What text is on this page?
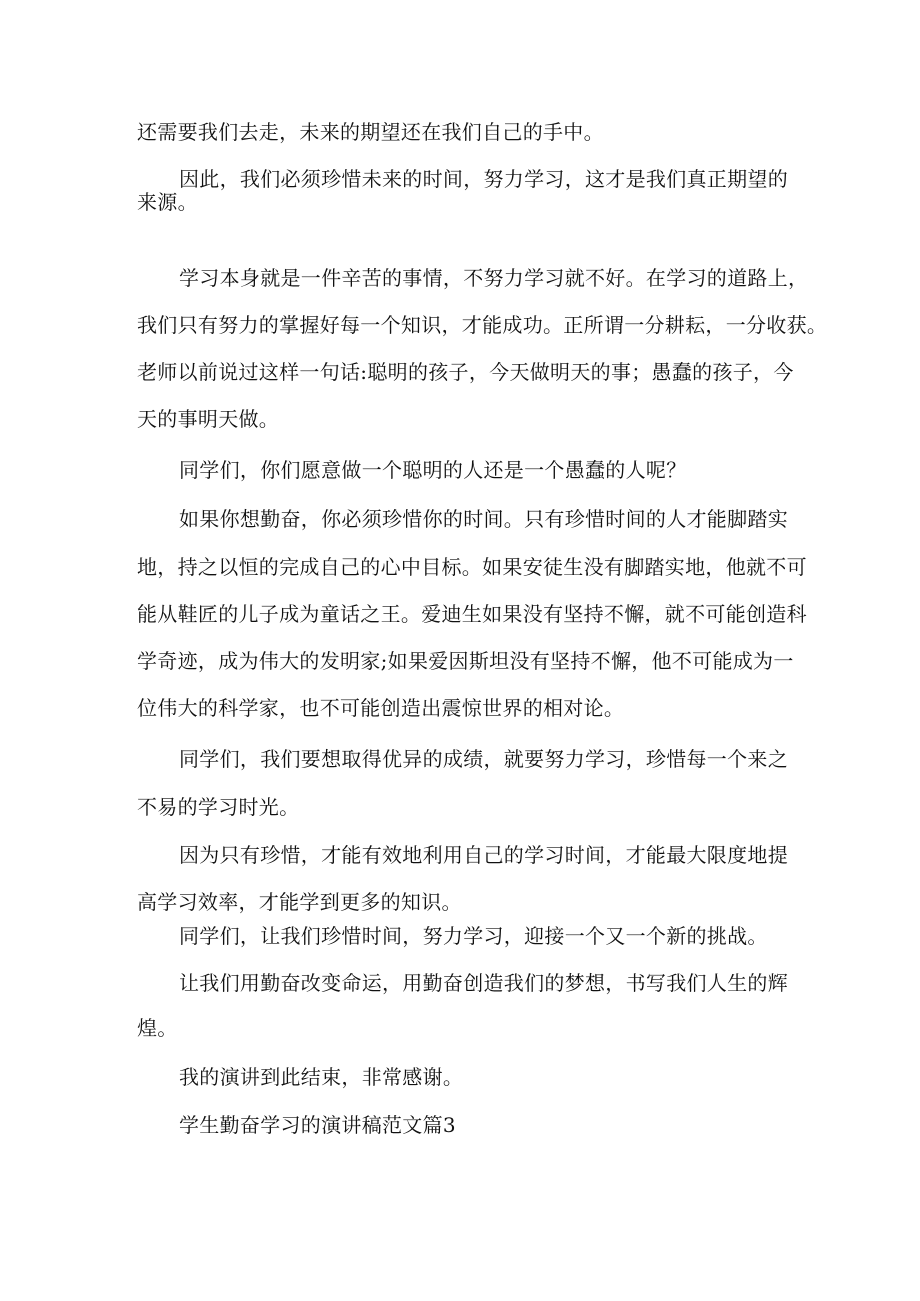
还需要我们去走，未来的期望还在我们自己的手中。
因此，我们必须珍惜未来的时间，努力学习，这才是我们真正期望的
来源。
学习本身就是一件辛苦的事情，不努力学习就不好。在学习的道路上，
我们只有努力的掌握好每一个知识，才能成功。正所谓一分耕耘，一分收获。
老师以前说过这样一句话:聪明的孩子，今天做明天的事；愚蠢的孩子，今
天的事明天做。
同学们，你们愿意做一个聪明的人还是一个愚蠢的人呢？
如果你想勤奋，你必须珍惜你的时间。只有珍惜时间的人才能脚踏实
地，持之以恒的完成自己的心中目标。如果安徒生没有脚踏实地，他就不可
能从鞋匠的儿子成为童话之王。爱迪生如果没有坚持不懈，就不可能创造科
学奇迹，成为伟大的发明家;如果爱因斯坦没有坚持不懈，他不可能成为一
位伟大的科学家，也不可能创造出震惊世界的相对论。
同学们，我们要想取得优异的成绩，就要努力学习，珍惜每一个来之
不易的学习时光。
因为只有珍惜，才能有效地利用自己的学习时间，才能最大限度地提
高学习效率，才能学到更多的知识。
同学们，让我们珍惜时间，努力学习，迎接一个又一个新的挑战。
让我们用勤奋改变命运，用勤奋创造我们的梦想，书写我们人生的辉
煌。
我的演讲到此结束，非常感谢。
学生勤奋学习的演讲稿范文篇3
